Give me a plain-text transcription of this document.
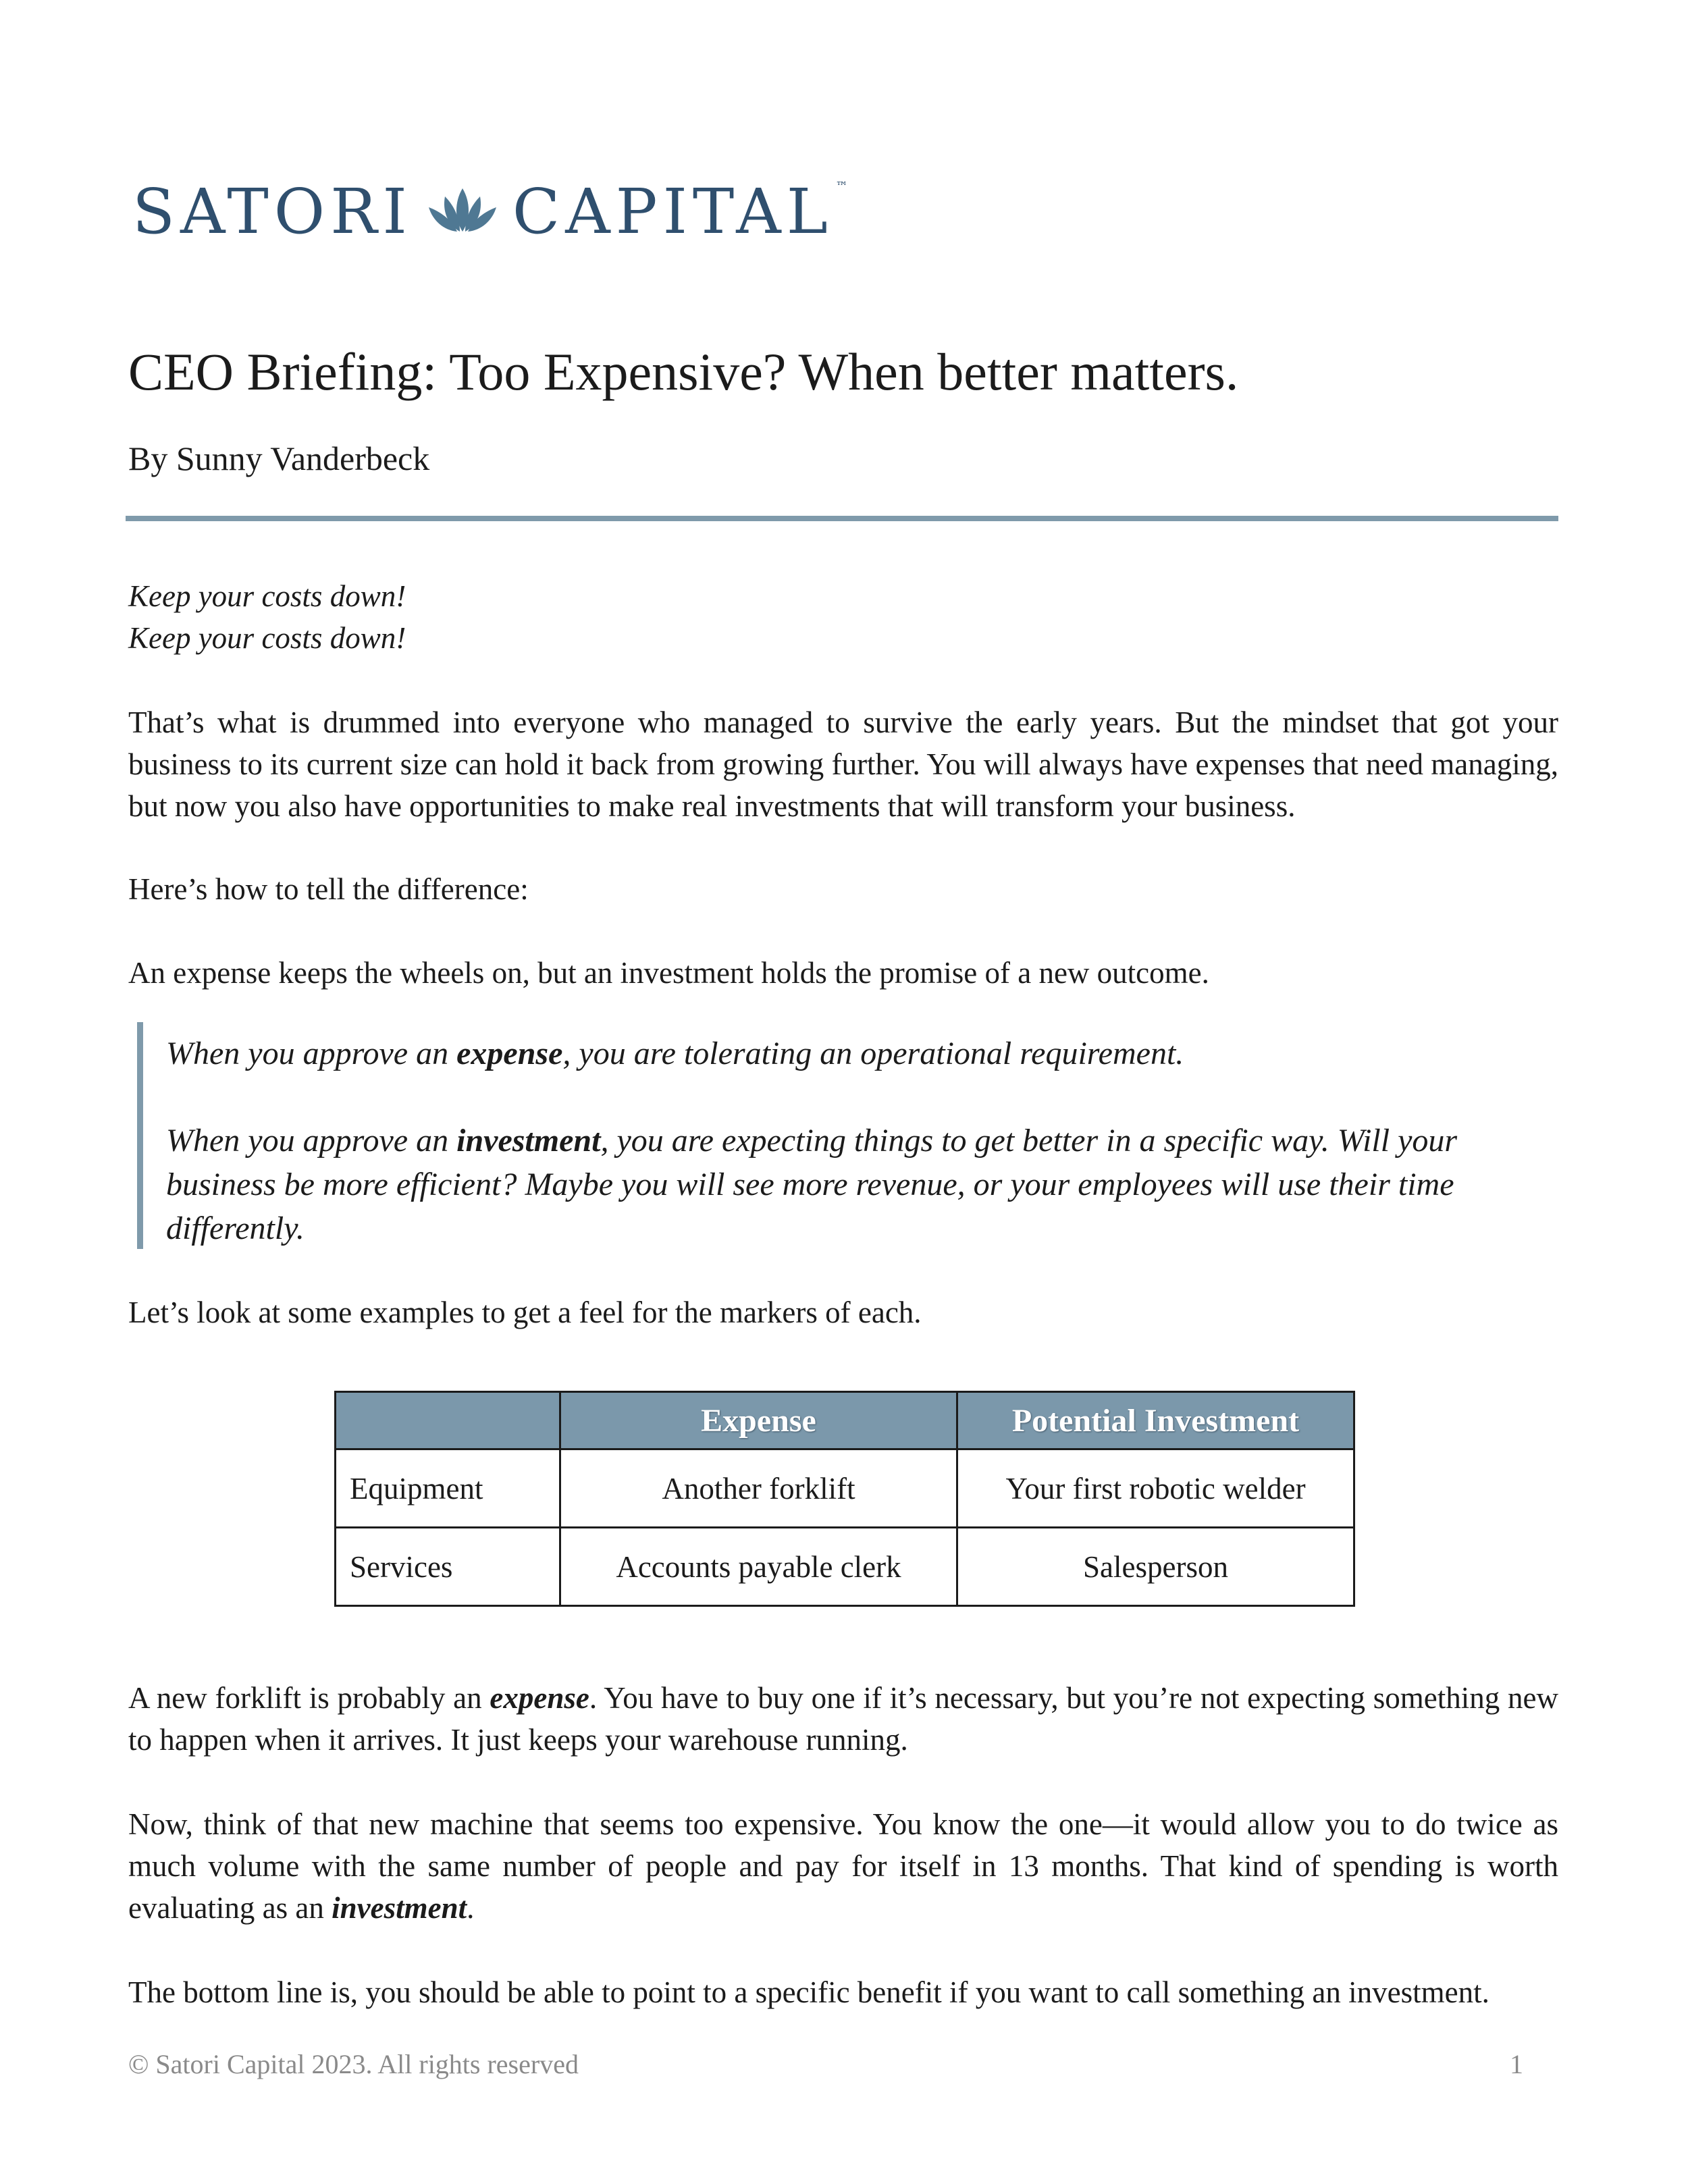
SATORI CAPITAL ™
CEO Briefing: Too Expensive? When better matters.

By Sunny Vanderbeck

Keep your costs down!

Keep your costs down!

That’s what is drummed into everyone who managed to survive the early years. But the mindset that got your business to its current size can hold it back from growing further. You will always have expenses that need managing, but now you also have opportunities to make real investments that will transform your business.

Here’s how to tell the difference:

An expense keeps the wheels on, but an investment holds the promise of a new outcome.

When you approve an expense, you are tolerating an operational requirement.

When you approve an investment, you are expecting things to get better in a specific way. Will your business be more efficient? Maybe you will see more revenue, or your employees will use their time differently.

Let’s look at some examples to get a feel for the markers of each.

	Expense	Potential Investment
Equipment	Another forklift	Your first robotic welder
Services	Accounts payable clerk	Salesperson

A new forklift is probably an expense. You have to buy one if it’s necessary, but you’re not expecting something new to happen when it arrives. It just keeps your warehouse running.

Now, think of that new machine that seems too expensive. You know the one—it would allow you to do twice as much volume with the same number of people and pay for itself in 13 months. That kind of spending is worth evaluating as an investment.

The bottom line is, you should be able to point to a specific benefit if you want to call something an investment.

© Satori Capital 2023. All rights reserved	1
